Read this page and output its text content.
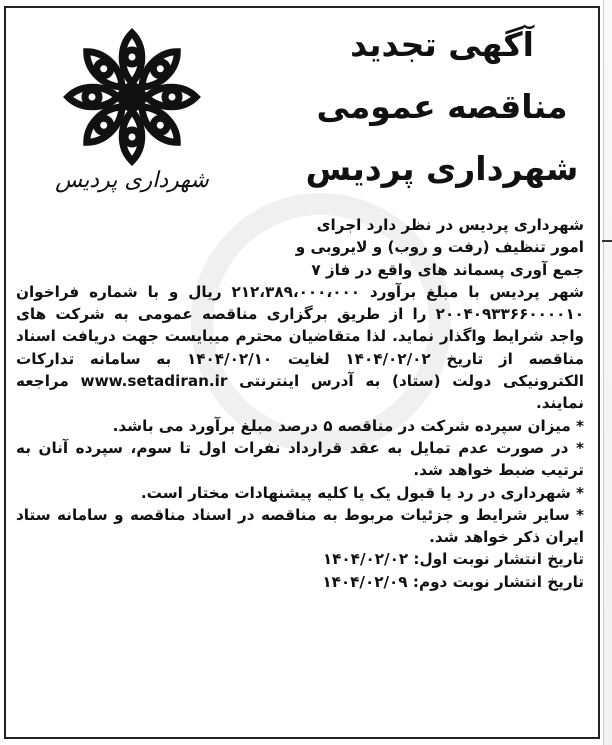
آگهی تجدید
مناقصه عمومی
شهرداری پردیس
شهرداری پردیس

شهرداری پردیس در نظر دارد اجرای

امور تنظیف (رفت و روب) و لایروبی و

جمع آوری پسماند های واقع در فاز ۷

شهر پردیس با مبلغ برآورد ۲۱۲،۳۸۹،۰۰۰،۰۰۰ ریال و با شماره فراخوان ۲۰۰۴۰۹۳۳۶۶۰۰۰۰۱۰ را از طریق برگزاری مناقصه عمومی به شرکت های واجد شرایط واگذار نماید. لذا متقاضیان محترم میبایست جهت دریافت اسناد مناقصه از تاریخ ۱۴۰۴/۰۲/۰۲ لغایت ۱۴۰۴/۰۲/۱۰ به سامانه تدارکات الکترونیکی دولت (ستاد) به آدرس اینترنتی www.setadiran.ir مراجعه نمایند.

* میزان سپرده شرکت در مناقصه ۵ درصد مبلغ برآورد می باشد.

* در صورت عدم تمایل به عقد قرارداد نفرات اول تا سوم، سپرده آنان به ترتیب ضبط خواهد شد.

* شهرداری در رد یا قبول یک یا کلیه پیشنهادات مختار است.

* سایر شرایط و جزئیات مربوط به مناقصه در اسناد مناقصه و سامانه ستاد ایران ذکر خواهد شد.

تاریخ انتشار نوبت اول: ۱۴۰۴/۰۲/۰۲

تاریخ انتشار نوبت دوم: ۱۴۰۴/۰۲/۰۹
